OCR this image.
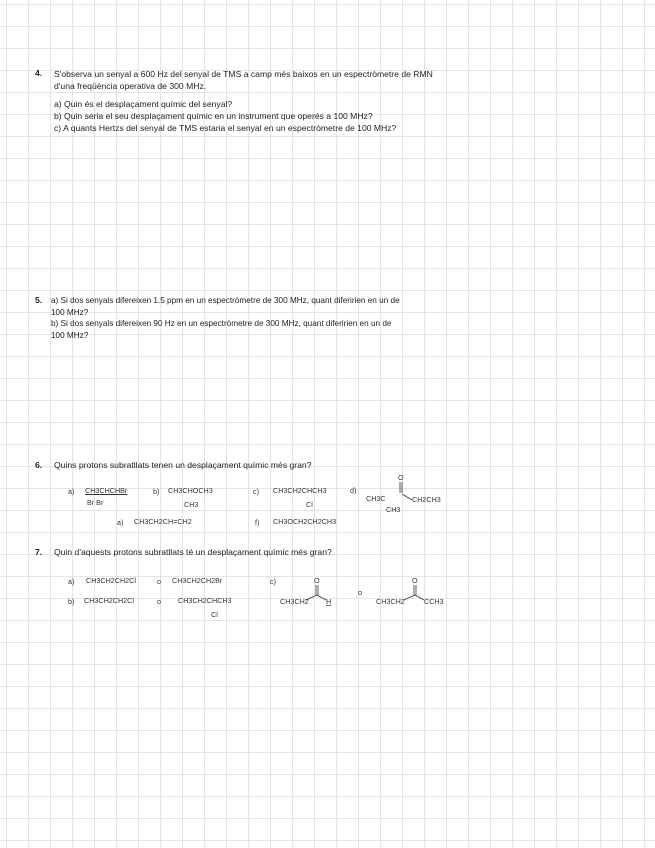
4. S'observa un senyal a 600 Hz del senyal de TMS a camp més baixos en un espectròmetre de RMN
d'una freqüència operativa de 300 MHz.
a) Quin és el desplaçament químic del senyal?
b) Quin seria el seu desplaçament químic en un instrument que operés a 100 MHz?
c) A quants Hertzs del senyal de TMS estaria el senyal en un espectròmetre de 100 MHz?
5. a) Si dos senyals difereixen 1.5 ppm en un espectròmetre de 300 MHz, quant diferirien en un de
100 MHz?
b) Si dos senyals difereixen 90 Hz en un espectròmetre de 300 MHz, quant diferirien en un de
100 MHz?
6. Quins protons subratllats tenen un desplaçament químic més gran?
a) CH3CHCHBr
Br Br
b) CH3CHOCH3
CH3
c) CH3CH2CHCH3
Cl
d)
O
CH3C	CH2CH3
CH3
a) CH3CH2CH=CH2	f) CH3OCH2CH2CH3
7. Quin d'aquests protons subratllats té un desplaçament químic més gran?
a) CH3CH2CH2Cl	o CH3CH2CH2Br
b) CH3CH2CH2Cl	o CH3CH2CHCH3
Cl
c)	O
CH3CH2 H
o
O
CH3CH2	CCH3
